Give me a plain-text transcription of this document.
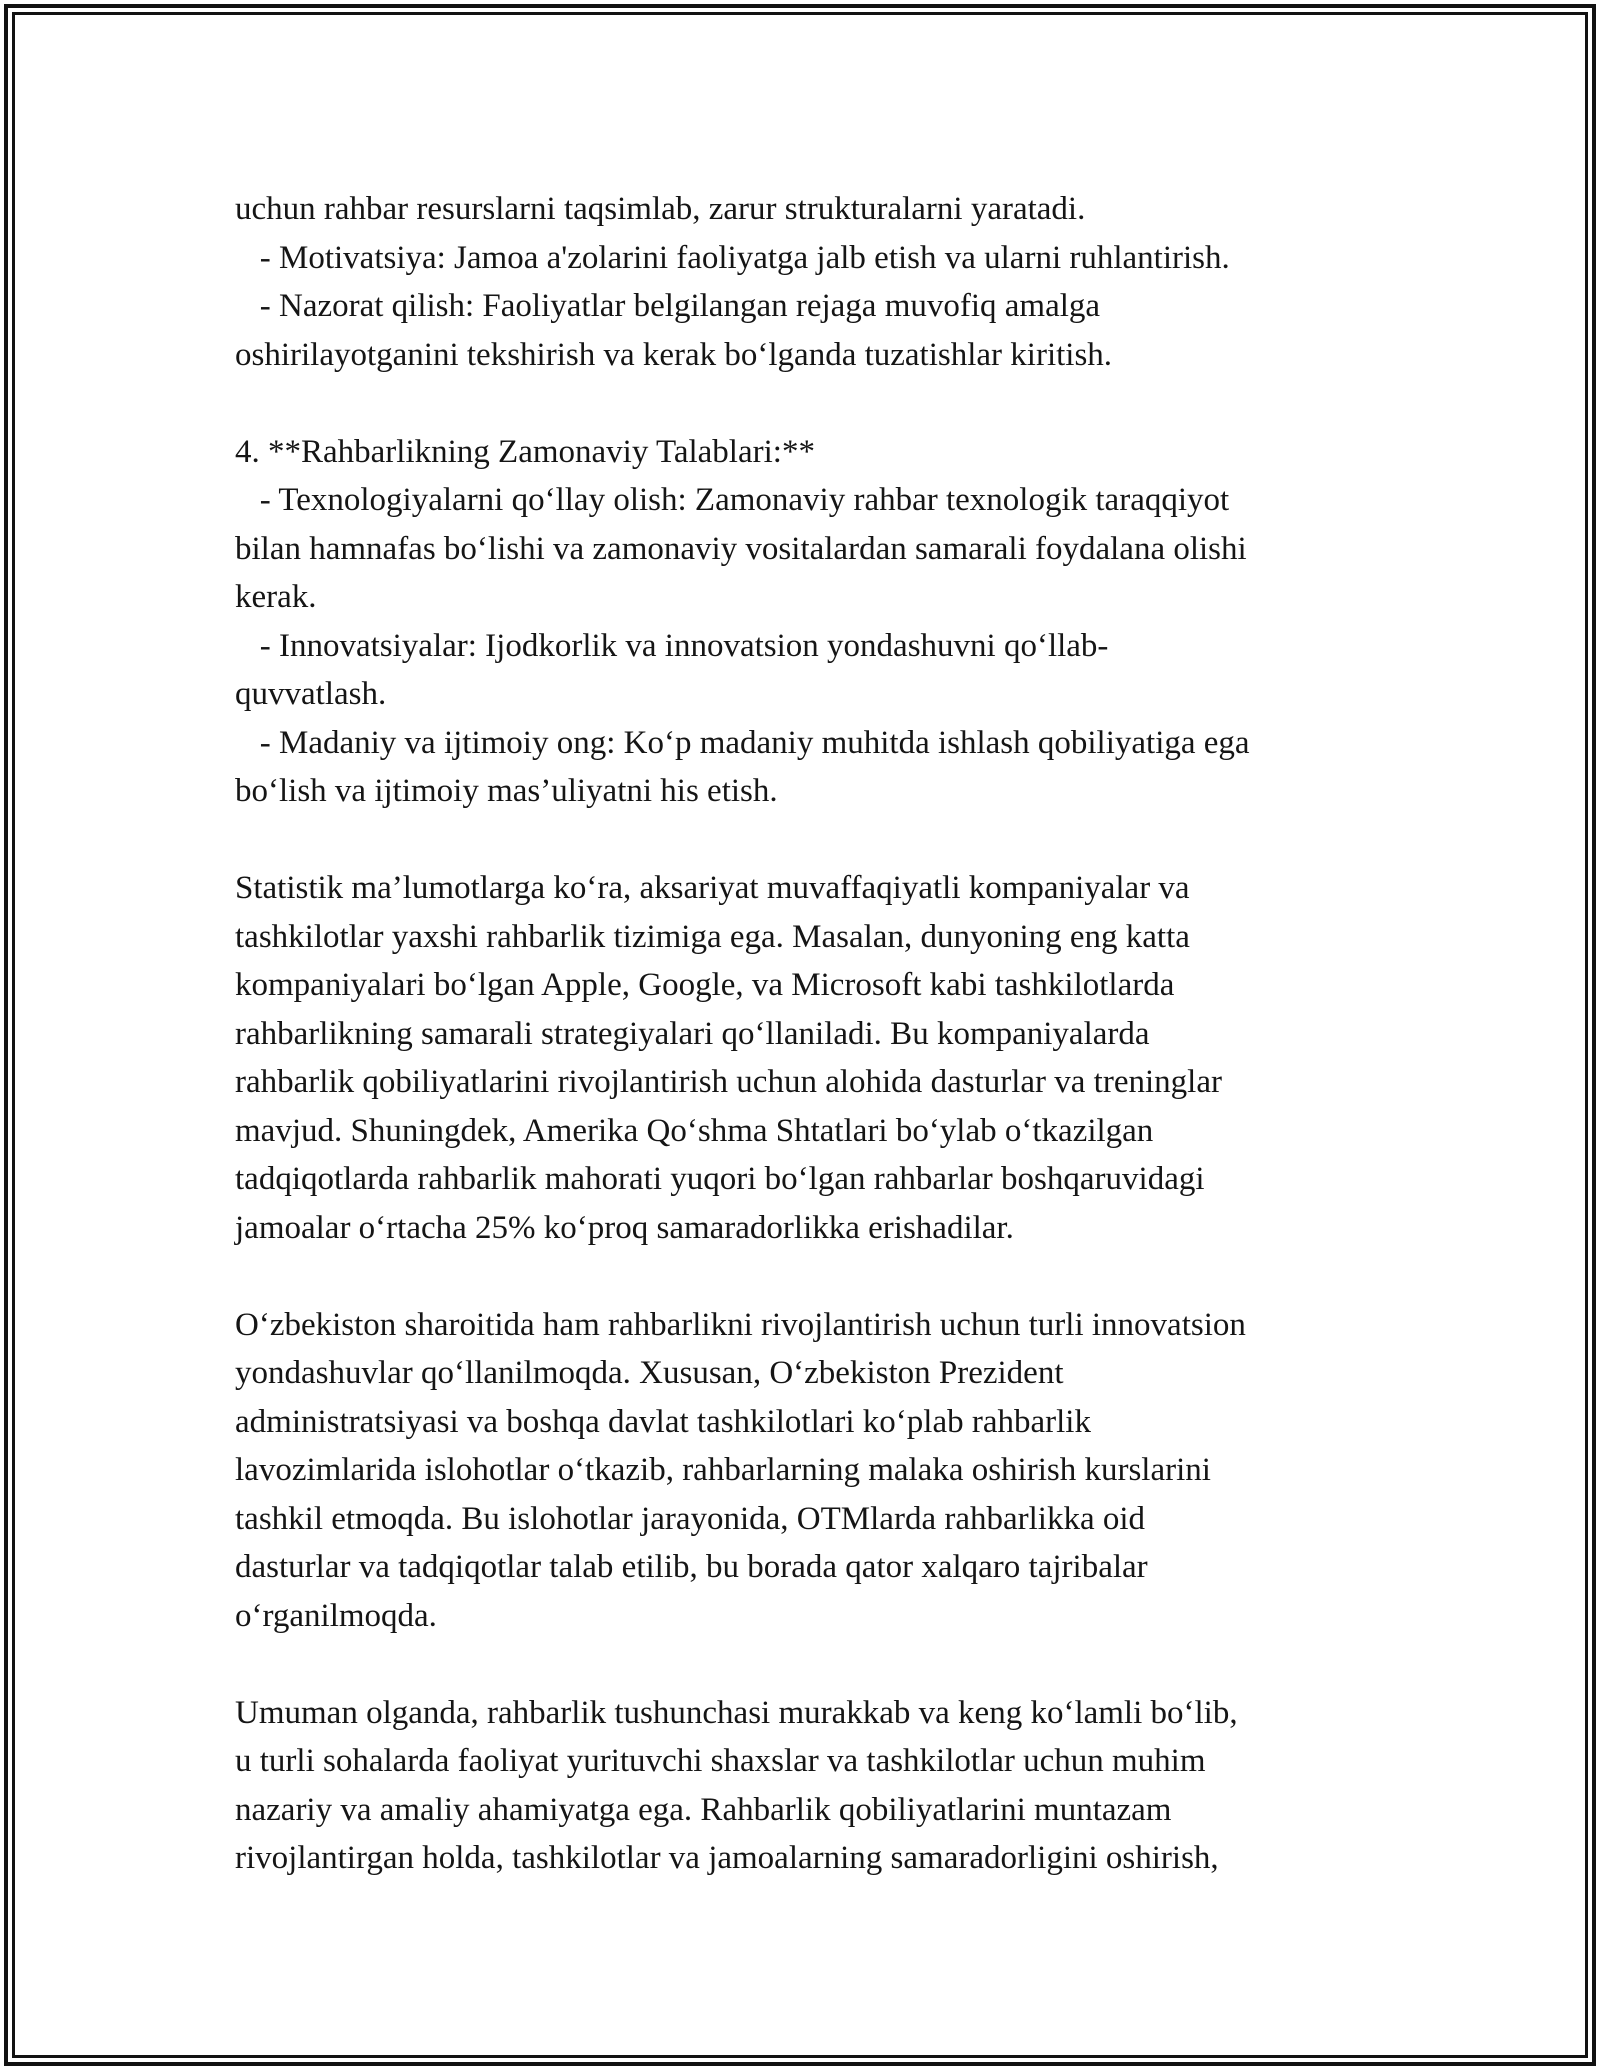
uchun rahbar resurslarni taqsimlab, zarur strukturalarni yaratadi.
- Motivatsiya: Jamoa a'zolarini faoliyatga jalb etish va ularni ruhlantirish.
- Nazorat qilish: Faoliyatlar belgilangan rejaga muvofiq amalga
oshirilayotganini tekshirish va kerak bo‘lganda tuzatishlar kiritish.
4. **Rahbarlikning Zamonaviy Talablari:**
- Texnologiyalarni qo‘llay olish: Zamonaviy rahbar texnologik taraqqiyot
bilan hamnafas bo‘lishi va zamonaviy vositalardan samarali foydalana olishi
kerak.
- Innovatsiyalar: Ijodkorlik va innovatsion yondashuvni qo‘llab-
quvvatlash.
- Madaniy va ijtimoiy ong: Ko‘p madaniy muhitda ishlash qobiliyatiga ega
bo‘lish va ijtimoiy mas’uliyatni his etish.
Statistik ma’lumotlarga ko‘ra, aksariyat muvaffaqiyatli kompaniyalar va
tashkilotlar yaxshi rahbarlik tizimiga ega. Masalan, dunyoning eng katta
kompaniyalari bo‘lgan Apple, Google, va Microsoft kabi tashkilotlarda
rahbarlikning samarali strategiyalari qo‘llaniladi. Bu kompaniyalarda
rahbarlik qobiliyatlarini rivojlantirish uchun alohida dasturlar va treninglar
mavjud. Shuningdek, Amerika Qo‘shma Shtatlari bo‘ylab o‘tkazilgan
tadqiqotlarda rahbarlik mahorati yuqori bo‘lgan rahbarlar boshqaruvidagi
jamoalar o‘rtacha 25% ko‘proq samaradorlikka erishadilar.
O‘zbekiston sharoitida ham rahbarlikni rivojlantirish uchun turli innovatsion
yondashuvlar qo‘llanilmoqda. Xususan, O‘zbekiston Prezident
administratsiyasi va boshqa davlat tashkilotlari ko‘plab rahbarlik
lavozimlarida islohotlar o‘tkazib, rahbarlarning malaka oshirish kurslarini
tashkil etmoqda. Bu islohotlar jarayonida, OTMlarda rahbarlikka oid
dasturlar va tadqiqotlar talab etilib, bu borada qator xalqaro tajribalar
o‘rganilmoqda.
Umuman olganda, rahbarlik tushunchasi murakkab va keng ko‘lamli bo‘lib,
u turli sohalarda faoliyat yurituvchi shaxslar va tashkilotlar uchun muhim
nazariy va amaliy ahamiyatga ega. Rahbarlik qobiliyatlarini muntazam
rivojlantirgan holda, tashkilotlar va jamoalarning samaradorligini oshirish,
